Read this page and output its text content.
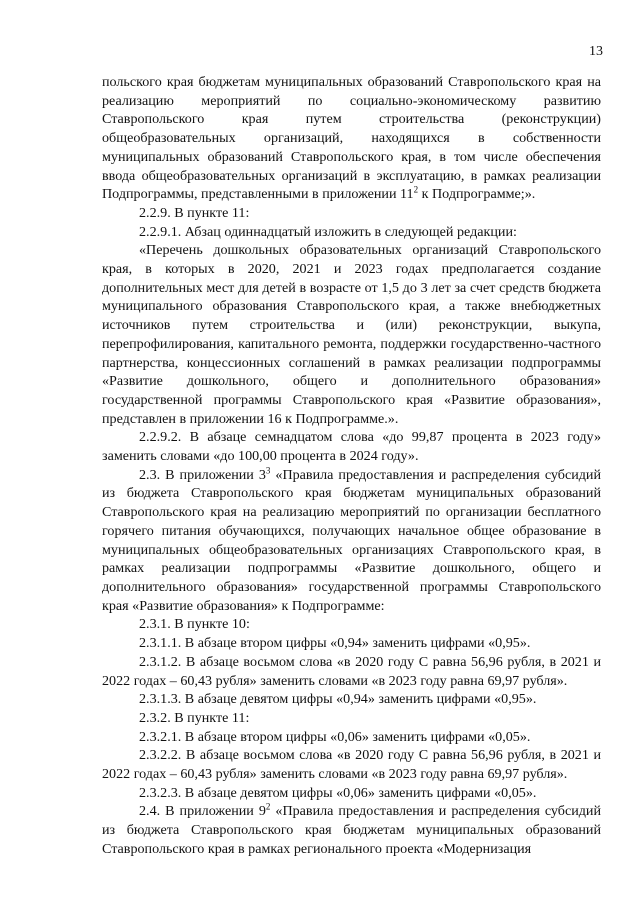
13

польского края бюджетам муниципальных образований Ставропольского края на реализацию мероприятий по социально-экономическому развитию Ставропольского края путем строительства (реконструкции) общеобразовательных организаций, находящихся в собственности муниципальных образований Ставропольского края, в том числе обеспечения ввода общеобразовательных организаций в эксплуатацию, в рамках реализации Подпрограммы, представленными в приложении $11^2$ к Подпрограмме;».

2.2.9. В пункте 11:

2.2.9.1. Абзац одиннадцатый изложить в следующей редакции:

«Перечень дошкольных образовательных организаций Ставропольского края, в которых в 2020, 2021 и 2023 годах предполагается создание дополнительных мест для детей в возрасте от 1,5 до 3 лет за счет средств бюджета муниципального образования Ставропольского края, а также внебюджетных источников путем строительства и (или) реконструкции, выкупа, перепрофилирования, капитального ремонта, поддержки государственно-частного партнерства, концессионных соглашений в рамках реализации подпрограммы «Развитие дошкольного, общего и дополнительного образования» государственной программы Ставропольского края «Развитие образования», представлен в приложении 16 к Подпрограмме.».

2.2.9.2. В абзаце семнадцатом слова «до 99,87 процента в 2023 году» заменить словами «до 100,00 процента в 2024 году».

2.3. В приложении $3^3$ «Правила предоставления и распределения субсидий из бюджета Ставропольского края бюджетам муниципальных образований Ставропольского края на реализацию мероприятий по организации бесплатного горячего питания обучающихся, получающих начальное общее образование в муниципальных общеобразовательных организациях Ставропольского края, в рамках реализации подпрограммы «Развитие дошкольного, общего и дополнительного образования» государственной программы Ставропольского края «Развитие образования» к Подпрограмме:

2.3.1. В пункте 10:

2.3.1.1. В абзаце втором цифры «0,94» заменить цифрами «0,95».

2.3.1.2. В абзаце восьмом слова «в 2020 году С равна 56,96 рубля, в 2021 и 2022 годах – 60,43 рубля» заменить словами «в 2023 году равна 69,97 рубля».

2.3.1.3. В абзаце девятом цифры «0,94» заменить цифрами «0,95».

2.3.2. В пункте 11:

2.3.2.1. В абзаце втором цифры «0,06» заменить цифрами «0,05».

2.3.2.2. В абзаце восьмом слова «в 2020 году С равна 56,96 рубля, в 2021 и 2022 годах – 60,43 рубля» заменить словами «в 2023 году равна 69,97 рубля».

2.3.2.3. В абзаце девятом цифры «0,06» заменить цифрами «0,05».

2.4. В приложении $9^2$ «Правила предоставления и распределения субсидий из бюджета Ставропольского края бюджетам муниципальных образований Ставропольского края в рамках регионального проекта «Модернизация
